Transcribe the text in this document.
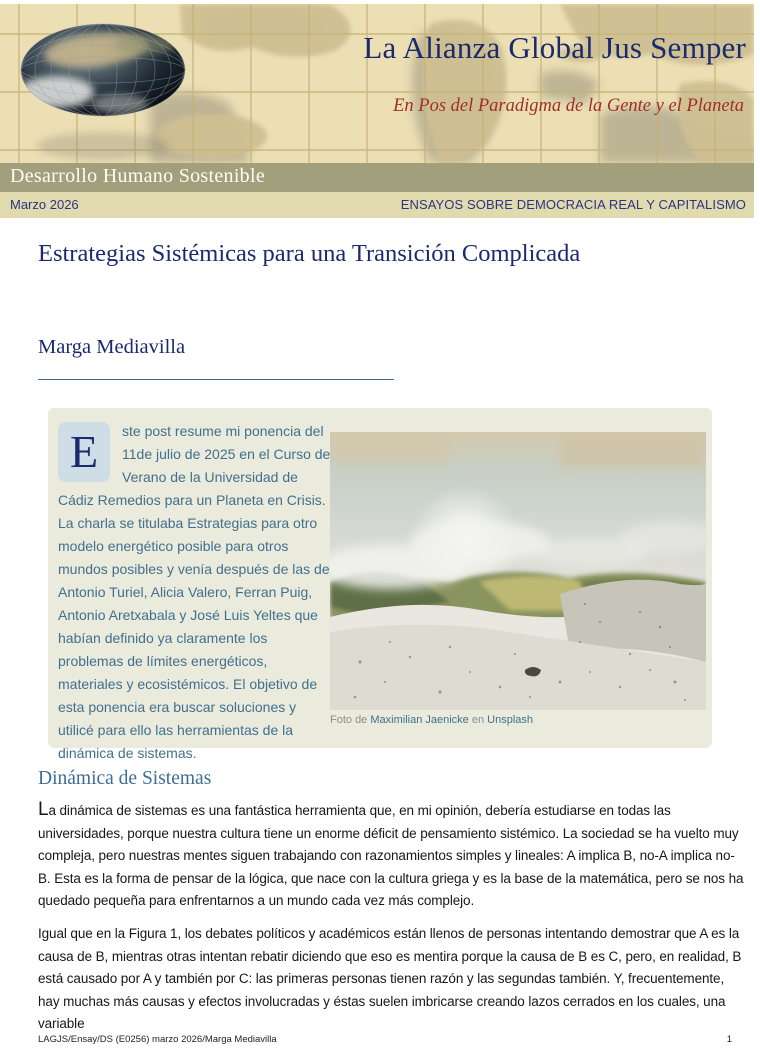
La Alianza Global Jus Semper
En Pos del Paradigma de la Gente y el Planeta
Desarrollo Humano Sostenible
Marzo 2026	ENSAYOS SOBRE DEMOCRACIA REAL Y CAPITALISMO
Estrategias Sistémicas para una Transición Complicada
Marga Mediavilla
E	ste post resume mi ponencia del 11de julio de 2025 en el Curso de Verano de la Universidad de Cádiz Remedios para un Planeta en Crisis. La charla se titulaba Estrategias para otro modelo energético posible para otros mundos posibles y venía después de las de Antonio Turiel, Alicia Valero, Ferran Puig, Antonio Aretxabala y José Luis Yeltes que habían definido ya claramente los problemas de límites energéticos, materiales y ecosistémicos. El objetivo de esta ponencia era buscar soluciones y utilicé para ello las herramientas de la dinámica de sistemas.
Foto de Maximilian Jaenicke en Unsplash
Dinámica de Sistemas

La dinámica de sistemas es una fantástica herramienta que, en mi opinión, debería estudiarse en todas las universidades, porque nuestra cultura tiene un enorme déficit de pensamiento sistémico. La sociedad se ha vuelto muy compleja, pero nuestras mentes siguen trabajando con razonamientos simples y lineales: A implica B, no-A implica no-B. Esta es la forma de pensar de la lógica, que nace con la cultura griega y es la base de la matemática, pero se nos ha quedado pequeña para enfrentarnos a un mundo cada vez más complejo.

Igual que en la Figura 1, los debates políticos y académicos están llenos de personas intentando demostrar que A es la causa de B, mientras otras intentan rebatir diciendo que eso es mentira porque la causa de B es C, pero, en realidad, B está causado por A y también por C: las primeras personas tienen razón y las segundas también. Y, frecuentemente, hay muchas más causas y efectos involucradas y éstas suelen imbricarse creando lazos cerrados en los cuales, una variable

LAGJS/Ensay/DS (E0256) marzo 2026/Marga Mediavilla	1
